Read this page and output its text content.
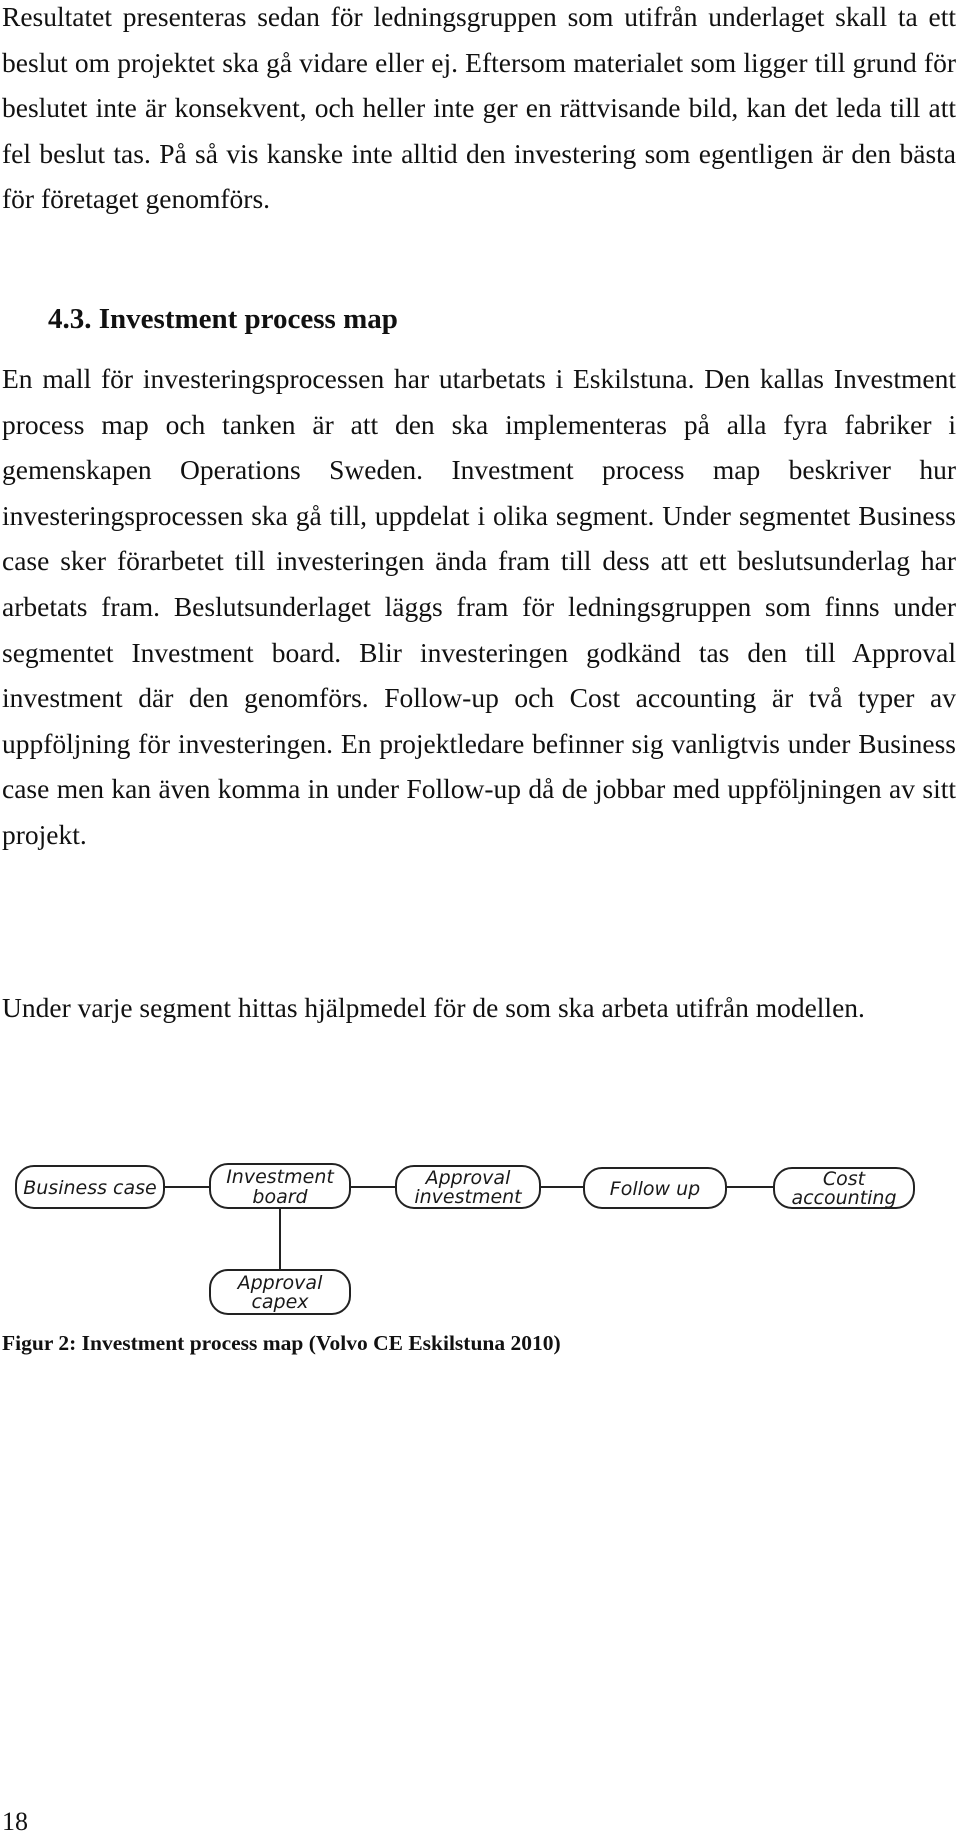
Resultatet presenteras sedan för ledningsgruppen som utifrån underlaget skall ta ett beslut om projektet ska gå vidare eller ej. Eftersom materialet som ligger till grund för beslutet inte är konsekvent, och heller inte ger en rättvisande bild, kan det leda till att fel beslut tas. På så vis kanske inte alltid den investering som egentligen är den bästa för företaget genomförs.

4.3. Investment process map

En mall för investeringsprocessen har utarbetats i Eskilstuna. Den kallas Investment process map och tanken är att den ska implementeras på alla fyra fabriker i gemenskapen Operations Sweden. Investment process map beskriver hur investeringsprocessen ska gå till, uppdelat i olika segment. Under segmentet Business case sker förarbetet till investeringen ända fram till dess att ett beslutsunderlag har arbetats fram. Beslutsunderlaget läggs fram för ledningsgruppen som finns under segmentet Investment board. Blir investeringen godkänd tas den till Approval investment där den genomförs. Follow-up och Cost accounting är två typer av uppföljning för investeringen. En projektledare befinner sig vanligtvis under Business case men kan även komma in under Follow-up då de jobbar med uppföljningen av sitt projekt.

Under varje segment hittas hjälpmedel för de som ska arbeta utifrån modellen.

Business case	Investment
board
Approval
investment	Follow up	Cost
accounting
Approval
capex

Figur 2: Investment process map (Volvo CE Eskilstuna 2010)

18
